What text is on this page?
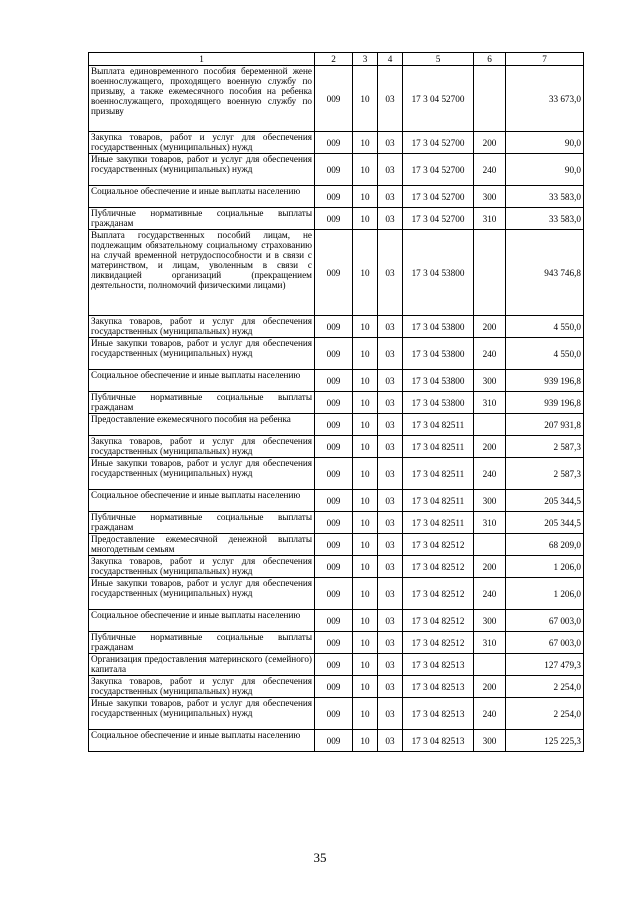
1	2	3	4	5	6	7
Выплата единовременного пособия беременной жене военнослужащего, проходящего военную службу по призыву, а также ежемесячного пособия на ребенка военнослужащего, проходящего военную службу по призыву	009	10	03	17 3 04 52700		33 673,0
Закупка товаров, работ и услуг для обеспечения государственных (муниципальных) нужд	009	10	03	17 3 04 52700	200	90,0
Иные закупки товаров, работ и услуг для обеспечения государственных (муниципальных) нужд	009	10	03	17 3 04 52700	240	90,0
Социальное обеспечение и иные выплаты населению	009	10	03	17 3 04 52700	300	33 583,0
Публичные нормативные социальные выплаты гражданам	009	10	03	17 3 04 52700	310	33 583,0
Выплата государственных пособий лицам, не подлежащим обязательному социальному страхованию на случай временной нетрудоспособности и в связи с материнством, и лицам, уволенным в связи с ликвидацией организаций (прекращением деятельности, полномочий физическими лицами)	009	10	03	17 3 04 53800		943 746,8
Закупка товаров, работ и услуг для обеспечения государственных (муниципальных) нужд	009	10	03	17 3 04 53800	200	4 550,0
Иные закупки товаров, работ и услуг для обеспечения государственных (муниципальных) нужд	009	10	03	17 3 04 53800	240	4 550,0
Социальное обеспечение и иные выплаты населению	009	10	03	17 3 04 53800	300	939 196,8
Публичные нормативные социальные выплаты гражданам	009	10	03	17 3 04 53800	310	939 196,8
Предоставление ежемесячного пособия на ребенка	009	10	03	17 3 04 82511		207 931,8
Закупка товаров, работ и услуг для обеспечения государственных (муниципальных) нужд	009	10	03	17 3 04 82511	200	2 587,3
Иные закупки товаров, работ и услуг для обеспечения государственных (муниципальных) нужд	009	10	03	17 3 04 82511	240	2 587,3
Социальное обеспечение и иные выплаты населению	009	10	03	17 3 04 82511	300	205 344,5
Публичные нормативные социальные выплаты гражданам	009	10	03	17 3 04 82511	310	205 344,5
Предоставление ежемесячной денежной выплаты многодетным семьям	009	10	03	17 3 04 82512		68 209,0
Закупка товаров, работ и услуг для обеспечения государственных (муниципальных) нужд	009	10	03	17 3 04 82512	200	1 206,0
Иные закупки товаров, работ и услуг для обеспечения государственных (муниципальных) нужд	009	10	03	17 3 04 82512	240	1 206,0
Социальное обеспечение и иные выплаты населению	009	10	03	17 3 04 82512	300	67 003,0
Публичные нормативные социальные выплаты гражданам	009	10	03	17 3 04 82512	310	67 003,0
Организация предоставления материнского (семейного) капитала	009	10	03	17 3 04 82513		127 479,3
Закупка товаров, работ и услуг для обеспечения государственных (муниципальных) нужд	009	10	03	17 3 04 82513	200	2 254,0
Иные закупки товаров, работ и услуг для обеспечения государственных (муниципальных) нужд	009	10	03	17 3 04 82513	240	2 254,0
Социальное обеспечение и иные выплаты населению	009	10	03	17 3 04 82513	300	125 225,3
35
